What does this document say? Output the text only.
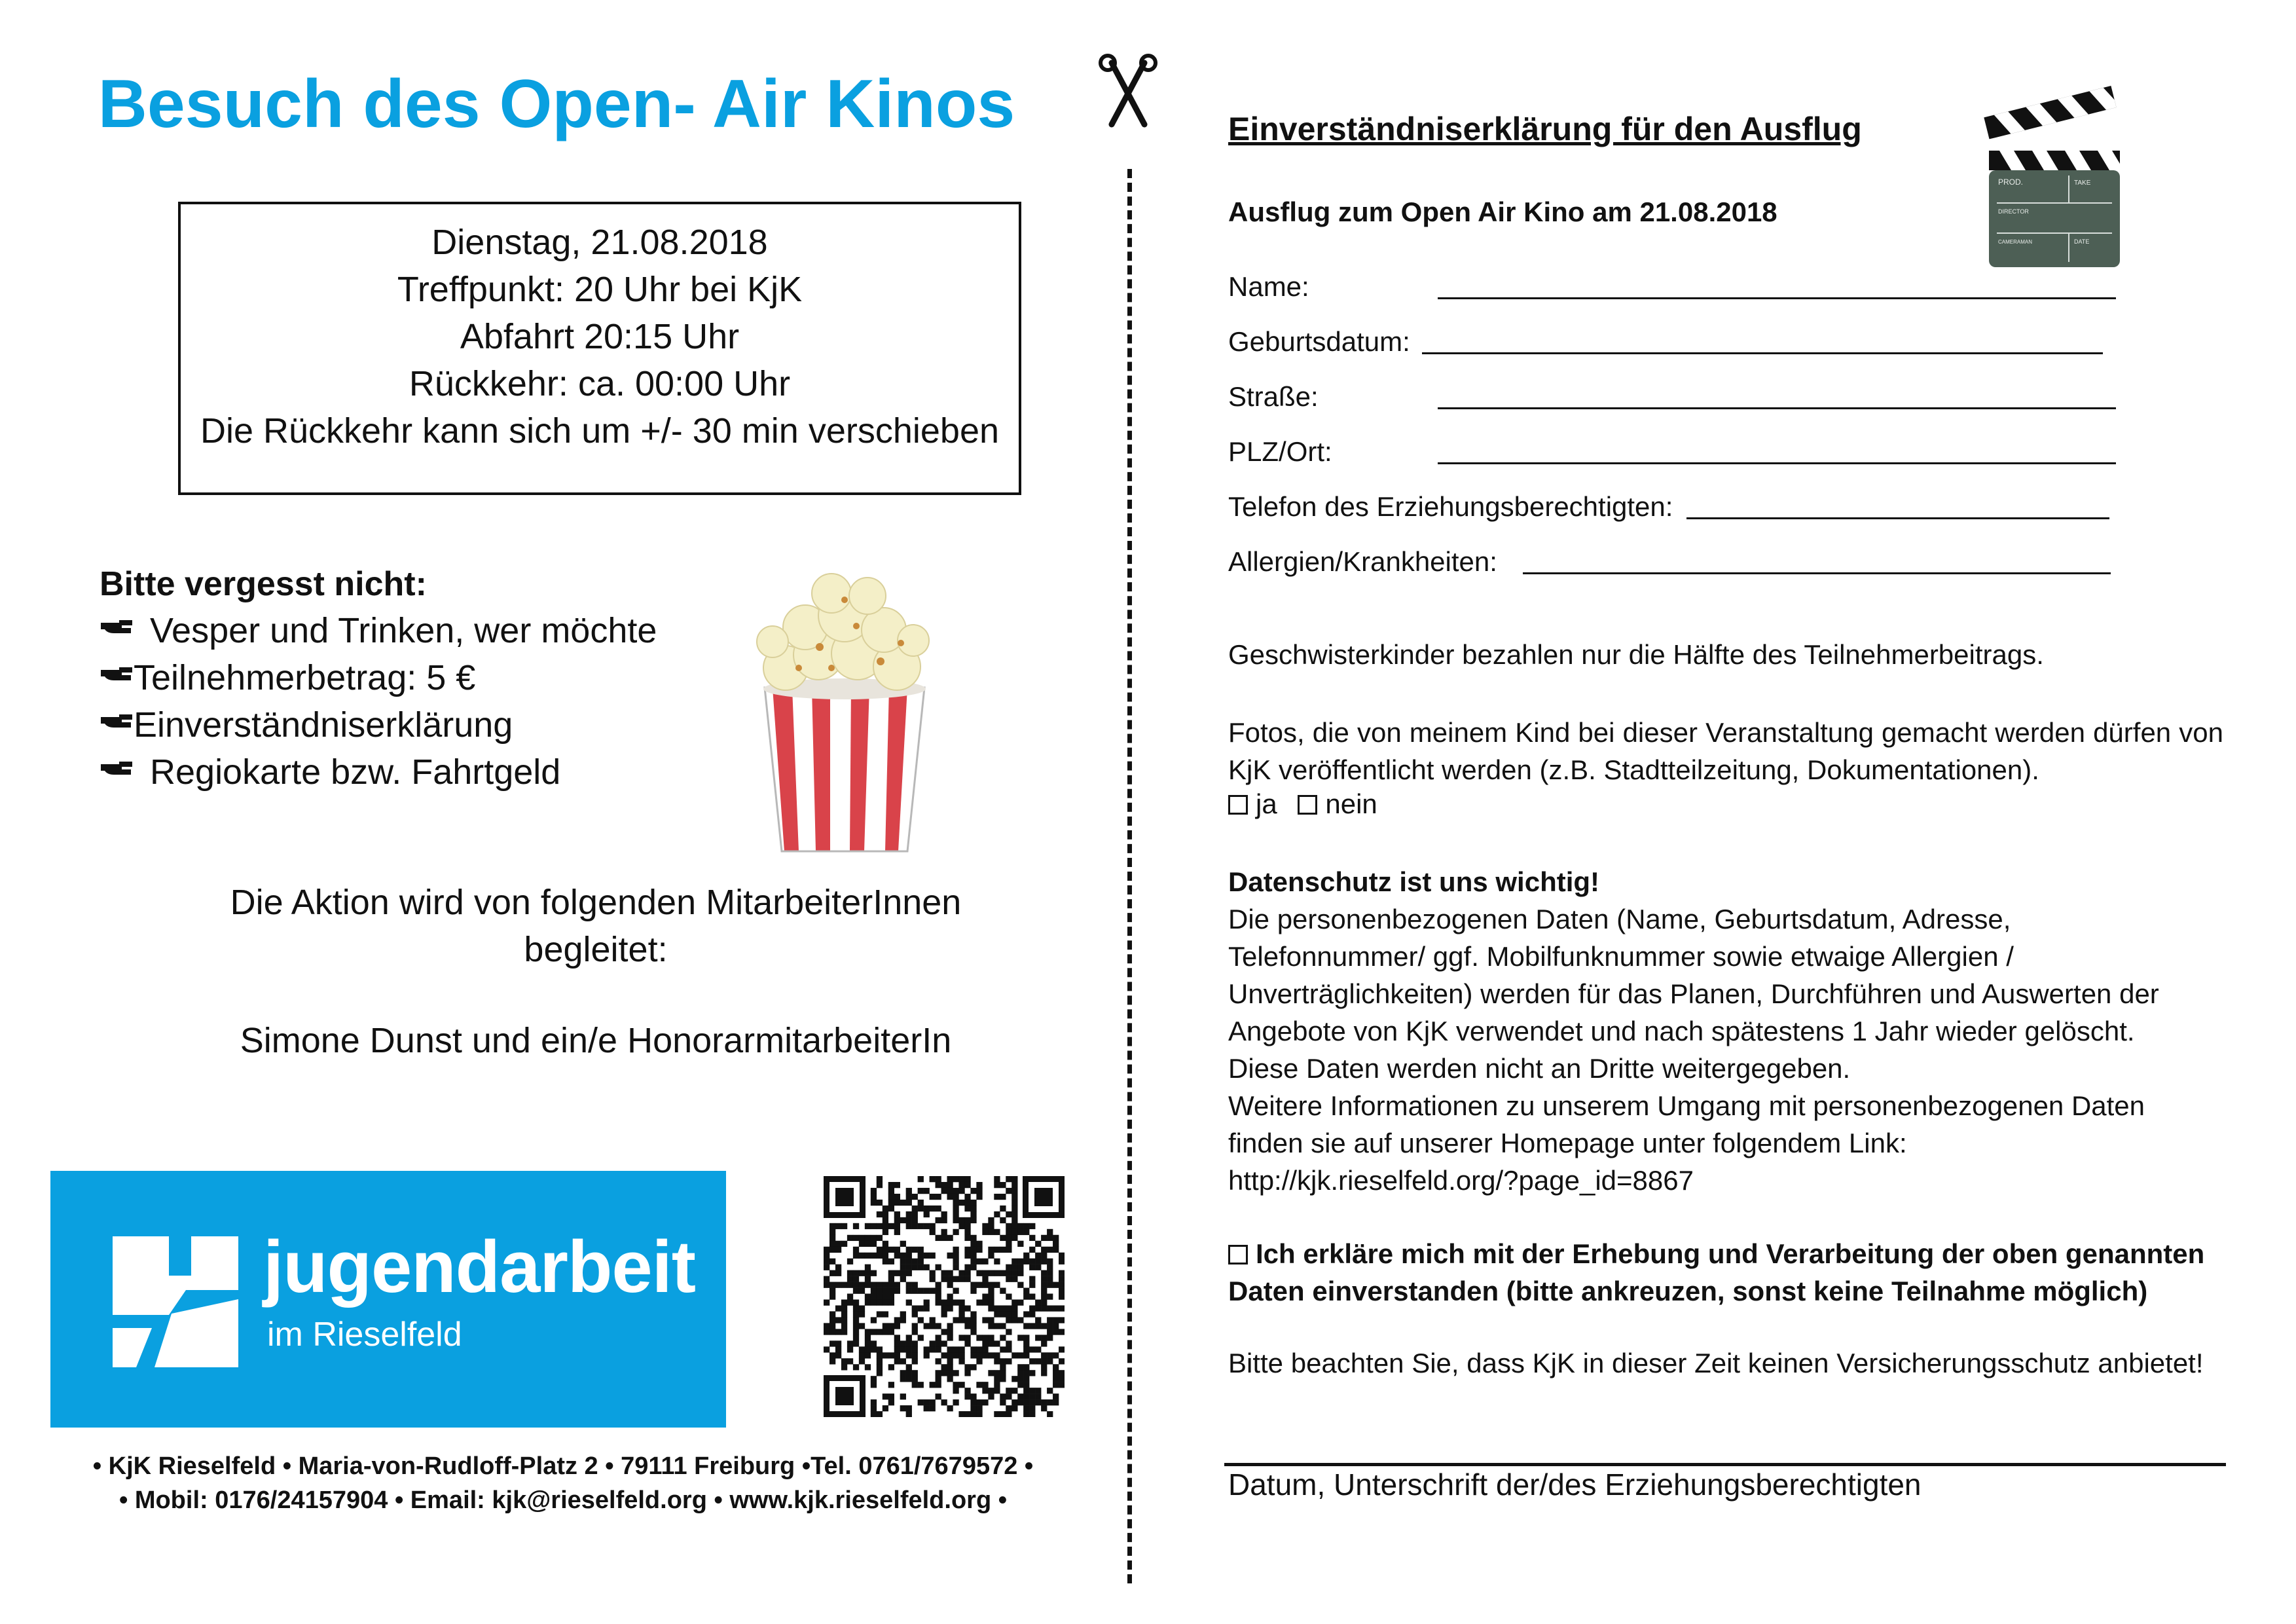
Besuch des Open- Air Kinos
Dienstag, 21.08.2018
Treffpunkt: 20 Uhr bei KjK
Abfahrt 20:15 Uhr
Rückkehr: ca. 00:00 Uhr
Die Rückkehr kann sich um +/- 30 min verschieben
Bitte vergesst nicht:
Vesper und Trinken, wer möchte
Teilnehmerbetrag: 5 €
Einverständniserklärung
Regiokarte bzw. Fahrtgeld
Die Aktion wird von folgenden MitarbeiterInnen
begleitet:
Simone Dunst und ein/e HonorarmitarbeiterIn
jugendarbeit
im Rieselfeld
• KjK Rieselfeld • Maria-von-Rudloff-Platz 2 • 79111 Freiburg •Tel. 0761/7679572 •
• Mobil: 0176/24157904 • Email: kjk@rieselfeld.org • www.kjk.rieselfeld.org •
Einverständniserklärung für den Ausflug
Ausflug zum Open Air Kino am 21.08.2018
PROD.	TAKE
DIRECTOR
CAMERAMAN	DATE
Name:
Geburtsdatum:
Straße:
PLZ/Ort:
Telefon des Erziehungsberechtigten:
Allergien/Krankheiten:
Geschwisterkinder bezahlen nur die Hälfte des Teilnehmerbeitrags.
Fotos, die von meinem Kind bei dieser Veranstaltung gemacht werden dürfen von KjK veröffentlicht werden (z.B. Stadtteilzeitung, Dokumentationen).
ja nein
Datenschutz ist uns wichtig!
Die personenbezogenen Daten (Name, Geburtsdatum, Adresse,
Telefonnummer/ ggf. Mobilfunknummer sowie etwaige Allergien /
Unverträglichkeiten) werden für das Planen, Durchführen und Auswerten der
Angebote von KjK verwendet und nach spätestens 1 Jahr wieder gelöscht.
Diese Daten werden nicht an Dritte weitergegeben.
Weitere Informationen zu unserem Umgang mit personenbezogenen Daten
finden sie auf unserer Homepage unter folgendem Link:
http://kjk.rieselfeld.org/?page_id=8867
Ich erkläre mich mit der Erhebung und Verarbeitung der oben genannten
Daten einverstanden (bitte ankreuzen, sonst keine Teilnahme möglich)
Bitte beachten Sie, dass KjK in dieser Zeit keinen Versicherungsschutz anbietet!
Datum, Unterschrift der/des Erziehungsberechtigten
